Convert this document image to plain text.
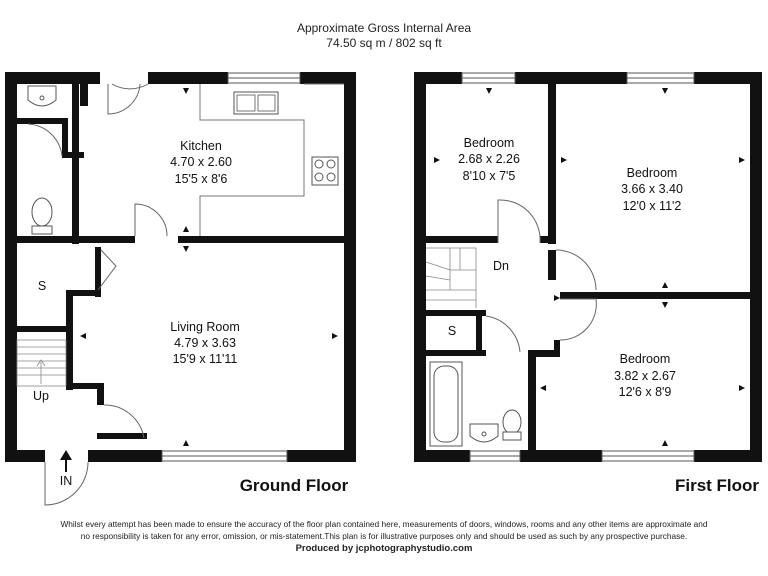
Approximate Gross Internal Area
74.50 sq m / 802 sq ft
Kitchen
4.70 x 2.60
15'5 x 8'6
Living Room
4.79 x 3.63
15'9 x 11'11
S
Up
IN	Ground Floor
Bedroom
2.68 x 2.26
8'10 x 7'5	Bedroom
3.66 x 3.40
12'0 x 11'2
Bedroom
3.82 x 2.67
12'6 x 8'9
S
Dn
First Floor
Whilst every attempt has been made to ensure the accuracy of the floor plan contained here, measurements of doors, windows, rooms and any other items are approximate and
no responsibility is taken for any error, omission, or mis-statement.This plan is for illustrative purposes only and should be used as such by any prospective purchase.
Produced by jcphotographystudio.com
